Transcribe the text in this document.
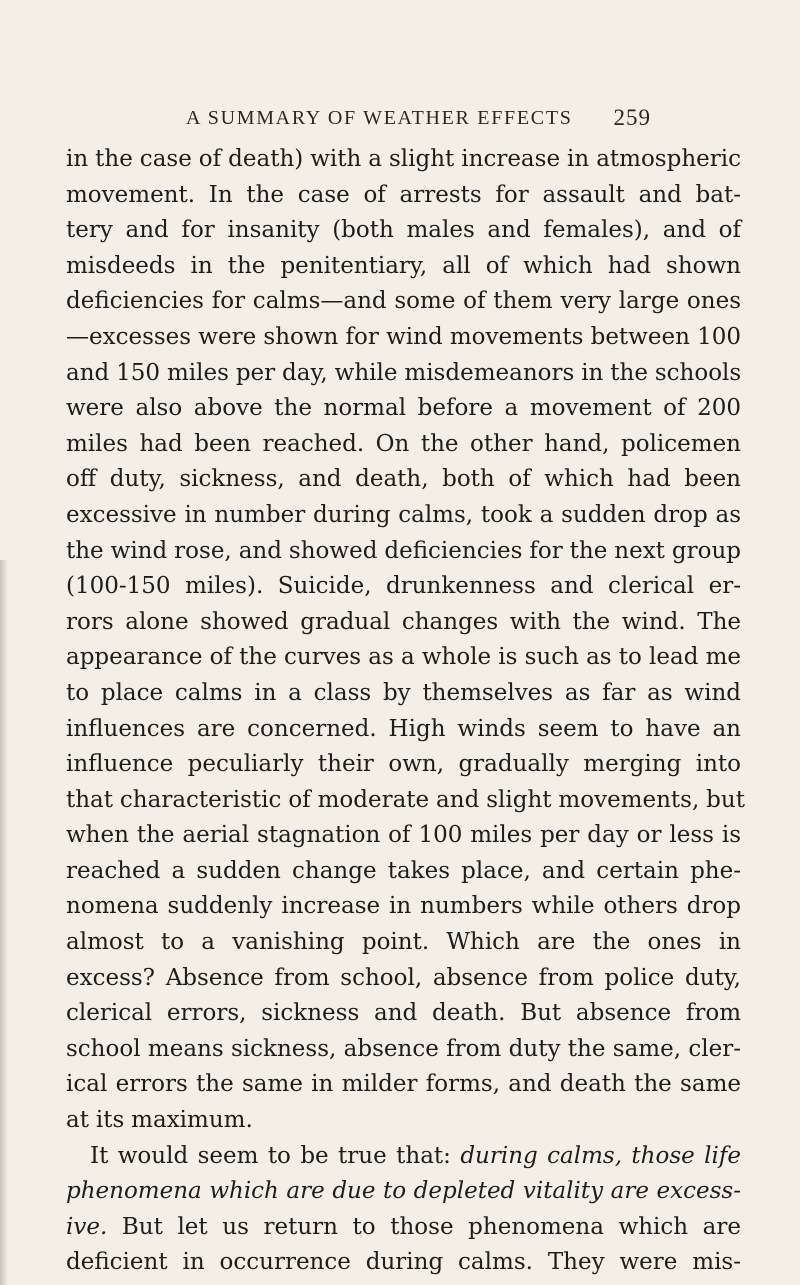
A SUMMARY OF WEATHER EFFECTS 259
in the case of death) with a slight increase in atmospheric
movement. In the case of arrests for assault and bat-
tery and for insanity (both males and females), and of
misdeeds in the penitentiary, all of which had shown
deficiencies for calms—and some of them very large ones
—excesses were shown for wind movements between 100
and 150 miles per day, while misdemeanors in the schools
were also above the normal before a movement of 200
miles had been reached. On the other hand, policemen
off duty, sickness, and death, both of which had been
excessive in number during calms, took a sudden drop as
the wind rose, and showed deficiencies for the next group
(100-150 miles). Suicide, drunkenness and clerical er-
rors alone showed gradual changes with the wind. The
appearance of the curves as a whole is such as to lead me
to place calms in a class by themselves as far as wind
influences are concerned. High winds seem to have an
influence peculiarly their own, gradually merging into
that characteristic of moderate and slight movements, but
when the aerial stagnation of 100 miles per day or less is
reached a sudden change takes place, and certain phe-
nomena suddenly increase in numbers while others drop
almost to a vanishing point. Which are the ones in
excess? Absence from school, absence from police duty,
clerical errors, sickness and death. But absence from
school means sickness, absence from duty the same, cler-
ical errors the same in milder forms, and death the same
at its maximum.
It would seem to be true that: during calms, those life
phenomena which are due to depleted vitality are excess-
ive. But let us return to those phenomena which are
deficient in occurrence during calms. They were mis-
